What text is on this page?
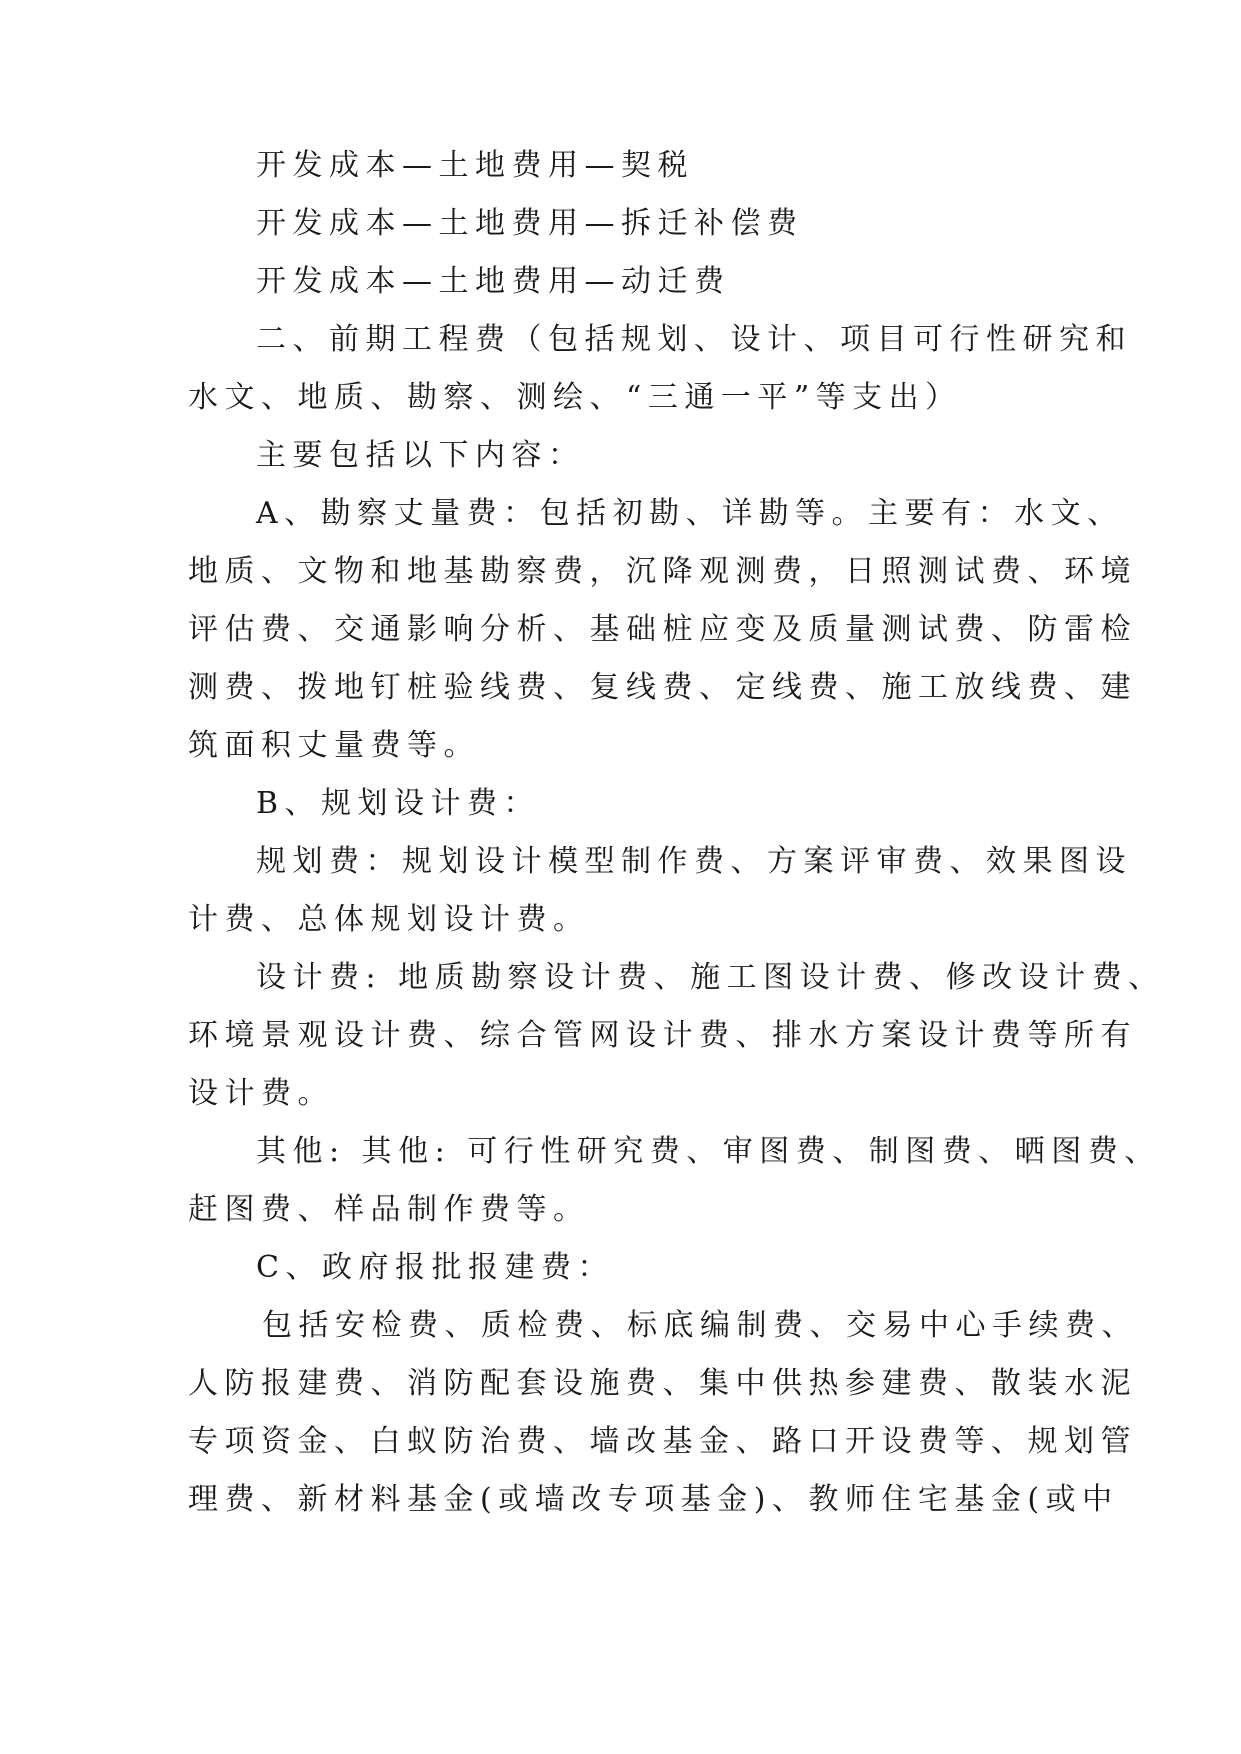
开发成本—土地费用—契税
开发成本—土地费用—拆迁补偿费
开发成本—土地费用—动迁费
二、前期工程费（包括规划、设计、项目可行性研究和
水文、地质、勘察、测绘、“三通一平”等支出）
主要包括以下内容：
A、勘察丈量费：包括初勘、详勘等。主要有：水文、
地质、文物和地基勘察费，沉降观测费，日照测试费、环境
评估费、交通影响分析、基础桩应变及质量测试费、防雷检
测费、拨地钉桩验线费、复线费、定线费、施工放线费、建
筑面积丈量费等。
B、规划设计费：
规划费：规划设计模型制作费、方案评审费、效果图设
计费、总体规划设计费。
设计费: 地质勘察设计费、施工图设计费、修改设计费、
环境景观设计费、综合管网设计费、排水方案设计费等所有
设计费。
其他: 其他: 可行性研究费、审图费、制图费、晒图费、
赶图费、样品制作费等。
C、政府报批报建费：
包括安检费、质检费、标底编制费、交易中心手续费、
人防报建费、消防配套设施费、集中供热参建费、散装水泥
专项资金、白蚁防治费、墙改基金、路口开设费等、规划管
理费、新材料基金(或墙改专项基金)、教师住宅基金(或中
